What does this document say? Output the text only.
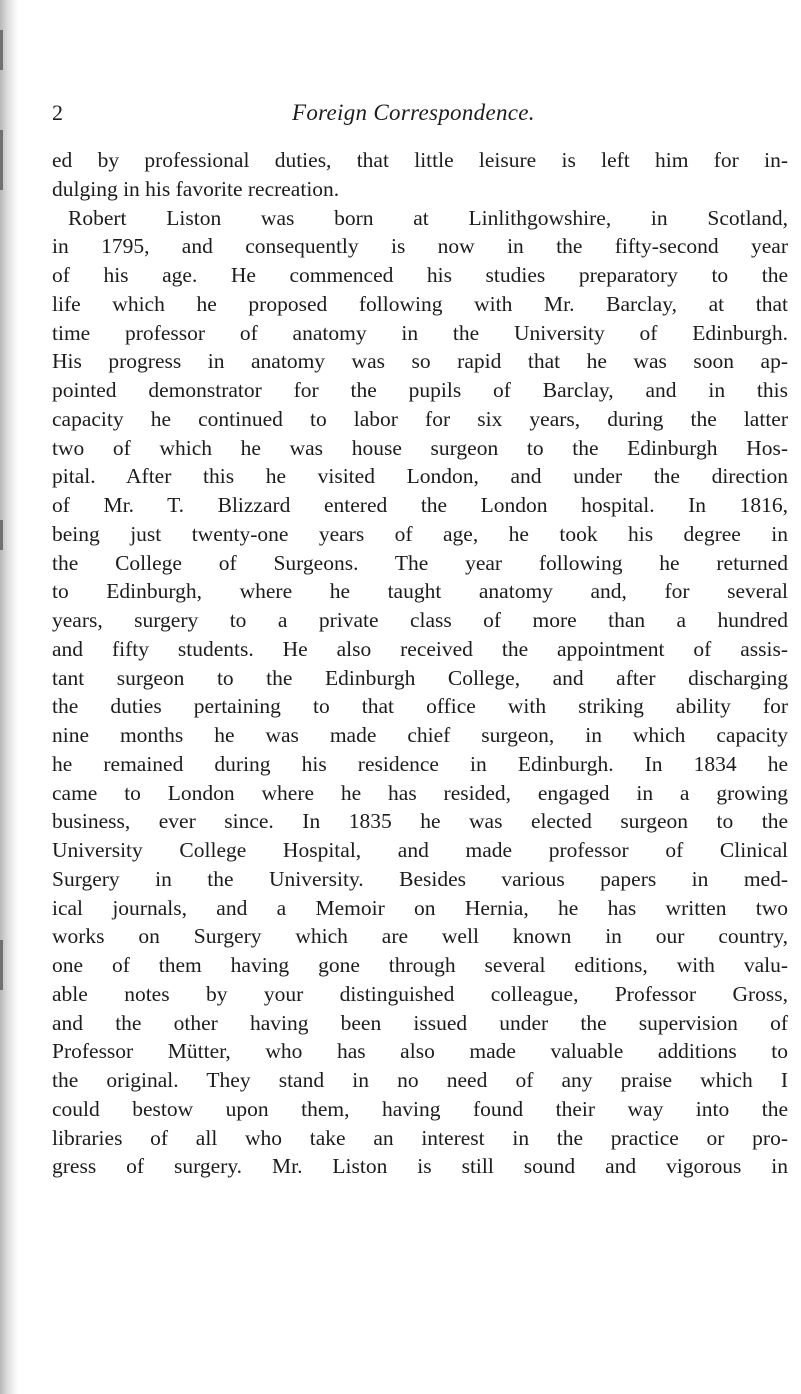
2	Foreign Correspondence.
ed by professional duties, that little leisure is left him for in-
dulging in his favorite recreation.
Robert Liston was born at Linlithgowshire, in Scotland,
in 1795, and consequently is now in the fifty-second year
of his age. He commenced his studies preparatory to the
life which he proposed following with Mr. Barclay, at that
time professor of anatomy in the University of Edinburgh.
His progress in anatomy was so rapid that he was soon ap-
pointed demonstrator for the pupils of Barclay, and in this
capacity he continued to labor for six years, during the latter
two of which he was house surgeon to the Edinburgh Hos-
pital. After this he visited London, and under the direction
of Mr. T. Blizzard entered the London hospital. In 1816,
being just twenty-one years of age, he took his degree in
the College of Surgeons. The year following he returned
to Edinburgh, where he taught anatomy and, for several
years, surgery to a private class of more than a hundred
and fifty students. He also received the appointment of assis-
tant surgeon to the Edinburgh College, and after discharging
the duties pertaining to that office with striking ability for
nine months he was made chief surgeon, in which capacity
he remained during his residence in Edinburgh. In 1834 he
came to London where he has resided, engaged in a growing
business, ever since. In 1835 he was elected surgeon to the
University College Hospital, and made professor of Clinical
Surgery in the University. Besides various papers in med-
ical journals, and a Memoir on Hernia, he has written two
works on Surgery which are well known in our country,
one of them having gone through several editions, with valu-
able notes by your distinguished colleague, Professor Gross,
and the other having been issued under the supervision of
Professor Mütter, who has also made valuable additions to
the original. They stand in no need of any praise which I
could bestow upon them, having found their way into the
libraries of all who take an interest in the practice or pro-
gress of surgery. Mr. Liston is still sound and vigorous in
